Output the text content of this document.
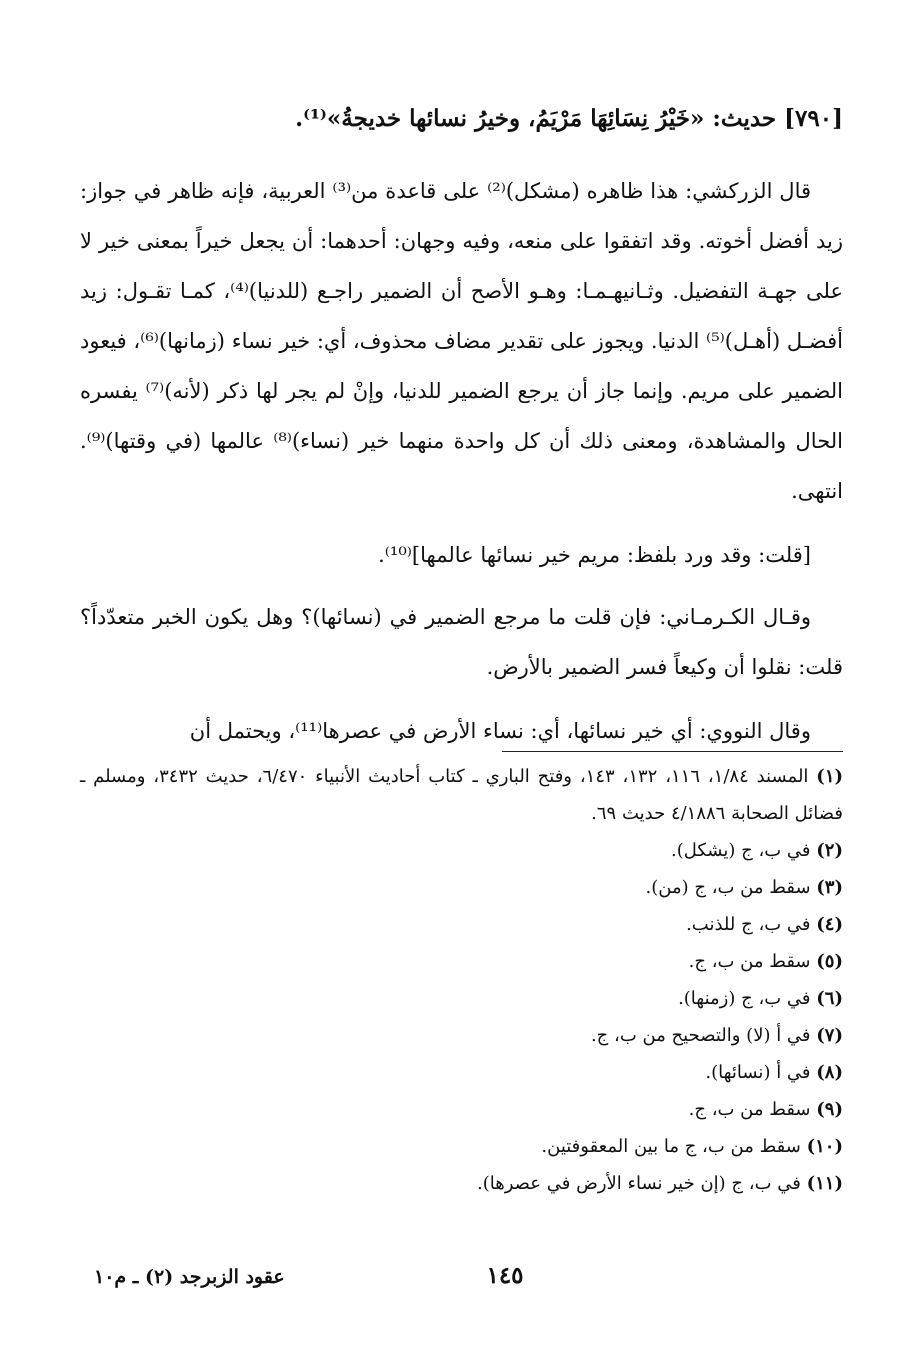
[٧٩٠] حديث: «خَيْرُ نِسَائِهَا مَرْيَمُ، وخيرُ نسائها خديجةُ»⁽¹⁾.

قال الزركشي: هذا ظاهره (مشكل)⁽²⁾ على قاعدة من⁽³⁾ العربية، فإنه ظاهر في جواز: زيد أفضل أخوته. وقد اتفقوا على منعه، وفيه وجهان: أحدهما: أن يجعل خيراً بمعنى خير لا على جهـة التفضيل. وثـانيهـمـا: وهـو الأصح أن الضمير راجـع (للدنيا)⁽⁴⁾، كمـا تقـول: زيد أفضـل (أهـل)⁽⁵⁾ الدنيا. ويجوز على تقدير مضاف محذوف، أي: خير نساء (زمانها)⁽⁶⁾، فيعود الضمير على مريم. وإنما جاز أن يرجع الضمير للدنيا، وإنْ لم يجر لها ذكر (لأنه)⁽⁷⁾ يفسره الحال والمشاهدة، ومعنى ذلك أن كل واحدة منهما خير (نساء)⁽⁸⁾ عالمها (في وقتها)⁽⁹⁾. انتهى.

[قلت: وقد ورد بلفظ: مريم خير نسائها عالمها]⁽¹⁰⁾.

وقـال الكـرمـاني: فإن قلت ما مرجع الضمير في (نسائها)؟ وهل يكون الخبر متعدّداً؟ قلت: نقلوا أن وكيعاً فسر الضمير بالأرض.

وقال النووي: أي خير نسائها، أي: نساء الأرض في عصرها⁽¹¹⁾، ويحتمل أن

(١) المسند ١/٨٤، ١١٦، ١٣٢، ١٤٣، وفتح الباري ـ كتاب أحاديث الأنبياء ٦/٤٧٠، حديث ٣٤٣٢، ومسلم ـ فضائل الصحابة ٤/١٨٨٦ حديث ٦٩.
(٢) في ب، ج (يشكل).
(٣) سقط من ب، ج (من).
(٤) في ب، ج للذنب.
(٥) سقط من ب، ج.
(٦) في ب، ج (زمنها).
(٧) في أ (لا) والتصحيح من ب، ج.
(٨) في أ (نسائها).
(٩) سقط من ب، ج.
(١٠) سقط من ب، ج ما بين المعقوفتين.
(١١) في ب، ج (إن خير نساء الأرض في عصرها).
١٤٥
عقود الزبرجد (٢) ـ م١٠
